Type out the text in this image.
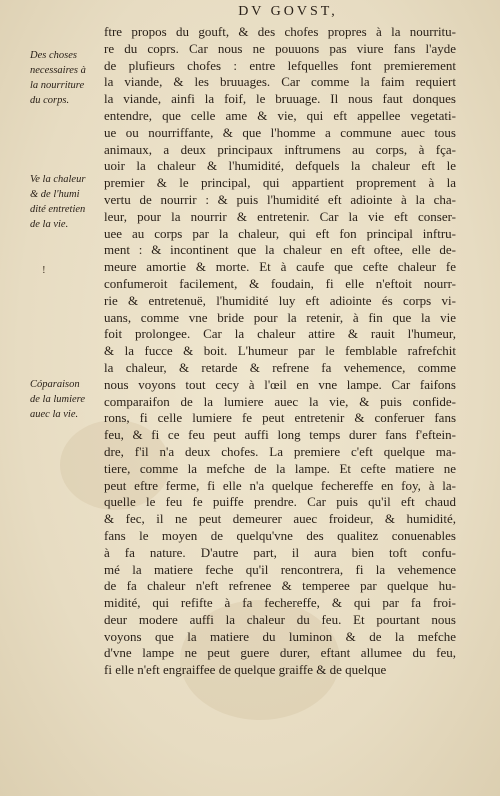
DV GOVST,
Des choses
necessaires à
la nourriture
du corps.
Ve la chaleur
& de l'humi
dité entretien
de la vie.
!
Cóparaison
de la lumiere
auec la vie.
ftre propos du gouft, & des chofes propres à la nourritu-
re du coprs. Car nous ne pouuons pas viure fans l'ayde
de plufieurs chofes : entre lefquelles font premierement
la viande, & les bruuages. Car comme la faim requiert
la viande, ainfi la foif, le bruuage. Il nous faut donques
entendre, que celle ame & vie, qui eft appellee vegetati-
ue ou nourriffante, & que l'homme a commune auec tous
animaux, a deux principaux inftrumens au corps, à fça-
uoir la chaleur & l'humidité, defquels la chaleur eft le
premier & le principal, qui appartient proprement à la
vertu de nourrir : & puis l'humidité eft adiointe à la cha-
leur, pour la nourrir & entretenir. Car la vie eft conser-
uee au corps par la chaleur, qui eft fon principal inftru-
ment : & incontinent que la chaleur en eft oftee, elle de-
meure amortie & morte. Et à caufe que cefte chaleur fe
confumeroit facilement, & foudain, fi elle n'eftoit nourr-
rie & entretenuë, l'humidité luy eft adiointe és corps vi-
uans, comme vne bride pour la retenir, à fin que la vie
foit prolongee. Car la chaleur attire & rauit l'humeur,
& la fucce & boit. L'humeur par le femblable rafrefchit
la chaleur, & retarde & refrene fa vehemence, comme
nous voyons tout cecy à l'œil en vne lampe. Car faifons
comparaifon de la lumiere auec la vie, & puis confide-
rons, fi celle lumiere fe peut entretenir & conferuer fans
feu, & fi ce feu peut auffi long temps durer fans f'eftein-
dre, f'il n'a deux chofes. La premiere c'eft quelque ma-
tiere, comme la mefche de la lampe. Et cefte matiere ne
peut eftre ferme, fi elle n'a quelque fechereffe en foy, à la-
quelle le feu fe puiffe prendre. Car puis qu'il eft chaud
& fec, il ne peut demeurer auec froideur, & humidité,
fans le moyen de quelqu'vne des qualitez conuenables
à fa nature. D'autre part, il aura bien toft confu-
mé la matiere feche qu'il rencontrera, fi la vehemence
de fa chaleur n'eft refrenee & temperee par quelque hu-
midité, qui refifte à fa fechereffe, & qui par fa froi-
deur modere auffi la chaleur du feu. Et pourtant nous
voyons que la matiere du luminon & de la mefche
d'vne lampe ne peut guere durer, eftant allumee du feu,
fi elle n'eft engraiffee de quelque graiffe & de quelque
